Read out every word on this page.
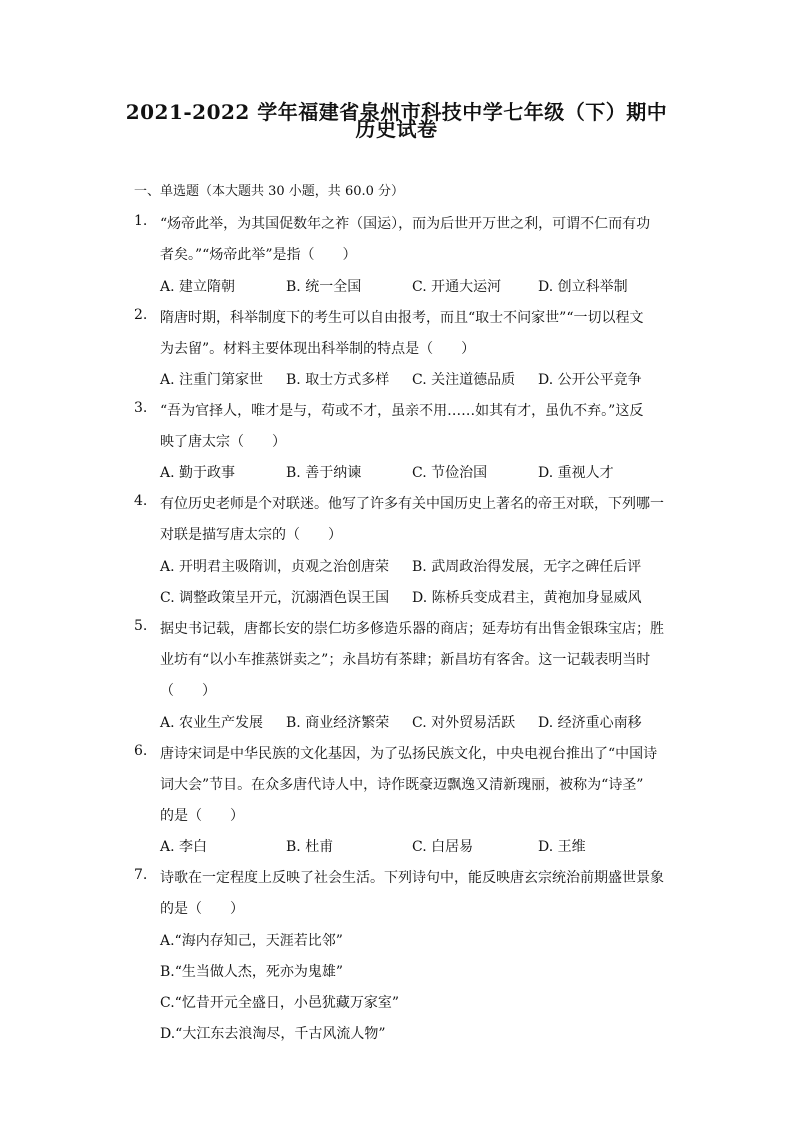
2021-2022 学年福建省泉州市科技中学七年级（下）期中
历史试卷
一、单选题（本大题共 30 小题，共 60.0 分）
1. “炀帝此举，为其国促数年之祚（国运），而为后世开万世之利，可谓不仁而有功
者矣。”“炀帝此举”是指（　　）
A. 建立隋朝	B. 统一全国	C. 开通大运河	D. 创立科举制
2. 隋唐时期，科举制度下的考生可以自由报考，而且“取士不问家世”“一切以程文
为去留”。材料主要体现出科举制的特点是（　　）
A. 注重门第家世 B. 取士方式多样 C. 关注道德品质 D. 公开公平竞争
3. “吾为官择人，唯才是与，苟或不才，虽亲不用……如其有才，虽仇不弃。”这反
映了唐太宗（　　）
A. 勤于政事	B. 善于纳谏	C. 节俭治国	D. 重视人才
4. 有位历史老师是个对联迷。他写了许多有关中国历史上著名的帝王对联，下列哪一
对联是描写唐太宗的（　　）
A. 开明君主吸隋训，贞观之治创唐荣 B. 武周政治得发展，无字之碑任后评
C. 调整政策呈开元，沉溺酒色误王国 D. 陈桥兵变成君主，黄袍加身显威风
5. 据史书记载，唐都长安的崇仁坊多修造乐器的商店；延寿坊有出售金银珠宝店；胜
业坊有“以小车推蒸饼卖之”；永昌坊有茶肆；新昌坊有客舍。这一记载表明当时
（　　）
A. 农业生产发展 B. 商业经济繁荣 C. 对外贸易活跃 D. 经济重心南移
6. 唐诗宋词是中华民族的文化基因，为了弘扬民族文化，中央电视台推出了“中国诗
词大会”节目。在众多唐代诗人中，诗作既豪迈飘逸又清新瑰丽，被称为“诗圣”
的是（　　）
A. 李白	B. 杜甫	C. 白居易	D. 王维
7. 诗歌在一定程度上反映了社会生活。下列诗句中，能反映唐玄宗统治前期盛世景象
的是（　　）
A.“海内存知己，天涯若比邻”
B.“生当做人杰，死亦为鬼雄”
C.“忆昔开元全盛日，小邑犹藏万家室”
D.“大江东去浪淘尽，千古风流人物”
